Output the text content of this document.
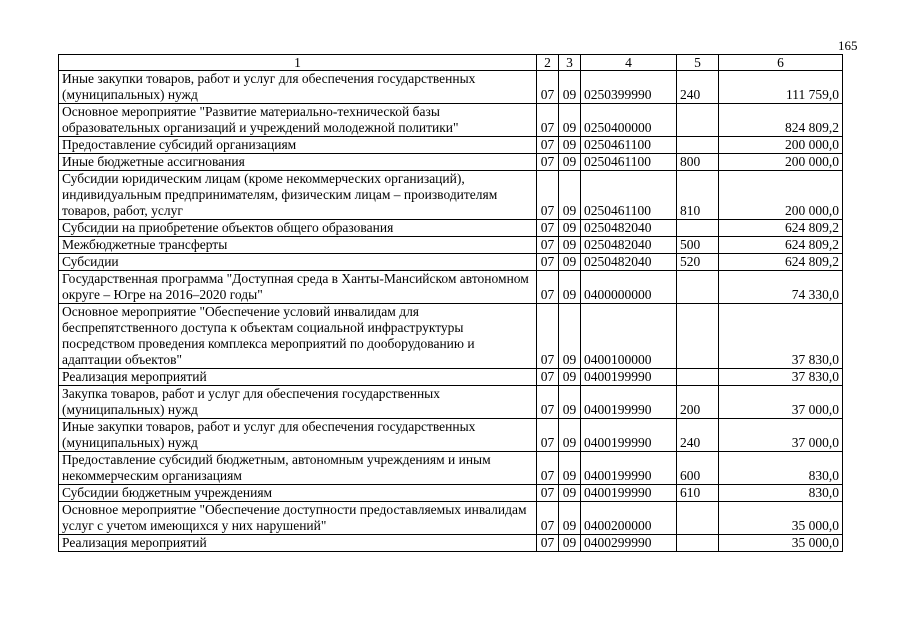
165
1	2	3	4	5	6
Иные закупки товаров, работ и услуг для обеспечения государственных (муниципальных) нужд	07	09	0250399990	240	111 759,0
Основное мероприятие "Развитие материально-технической базы образовательных организаций и учреждений молодежной политики"	07	09	0250400000		824 809,2
Предоставление субсидий организациям	07	09	0250461100		200 000,0
Иные бюджетные ассигнования	07	09	0250461100	800	200 000,0
Субсидии юридическим лицам (кроме некоммерческих организаций), индивидуальным предпринимателям, физическим лицам – производителям товаров, работ, услуг	07	09	0250461100	810	200 000,0
Субсидии на приобретение объектов общего образования	07	09	0250482040		624 809,2
Межбюджетные трансферты	07	09	0250482040	500	624 809,2
Субсидии	07	09	0250482040	520	624 809,2
Государственная программа "Доступная среда в Ханты-Мансийском автономном округе – Югре на 2016–2020 годы"	07	09	0400000000		74 330,0
Основное мероприятие "Обеспечение условий инвалидам для беспрепятственного доступа к объектам социальной инфраструктуры посредством проведения комплекса мероприятий по дооборудованию и адаптации объектов"	07	09	0400100000		37 830,0
Реализация мероприятий	07	09	0400199990		37 830,0
Закупка товаров, работ и услуг для обеспечения государственных (муниципальных) нужд	07	09	0400199990	200	37 000,0
Иные закупки товаров, работ и услуг для обеспечения государственных (муниципальных) нужд	07	09	0400199990	240	37 000,0
Предоставление субсидий бюджетным, автономным учреждениям и иным некоммерческим организациям	07	09	0400199990	600	830,0
Субсидии бюджетным учреждениям	07	09	0400199990	610	830,0
Основное мероприятие "Обеспечение доступности предоставляемых инвалидам услуг с учетом имеющихся у них нарушений"	07	09	0400200000		35 000,0
Реализация мероприятий	07	09	0400299990		35 000,0
